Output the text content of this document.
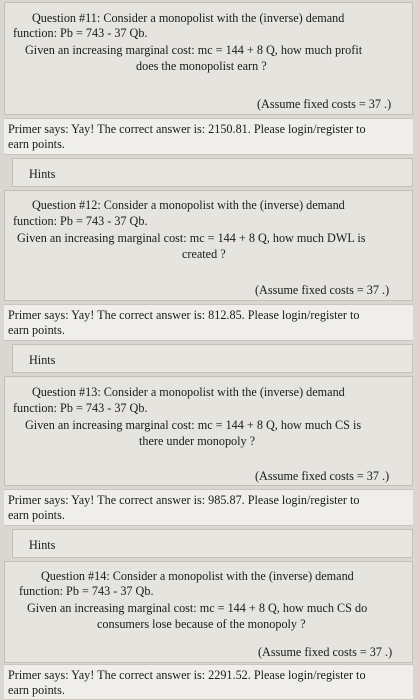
Question #11: Consider a monopolist with the (inverse) demand
function: Pb = 743 - 37 Qb.
Given an increasing marginal cost: mc = 144 + 8 Q, how much profit
does the monopolist earn ?
(Assume fixed costs = 37 .)
Primer says: Yay! The correct answer is: 2150.81. Please login/register to
earn points.
Hints
Question #12: Consider a monopolist with the (inverse) demand
function: Pb = 743 - 37 Qb.
Given an increasing marginal cost: mc = 144 + 8 Q, how much DWL is
created ?
(Assume fixed costs = 37 .)
Primer says: Yay! The correct answer is: 812.85. Please login/register to
earn points.
Hints
Question #13: Consider a monopolist with the (inverse) demand
function: Pb = 743 - 37 Qb.
Given an increasing marginal cost: mc = 144 + 8 Q, how much CS is
there under monopoly ?
(Assume fixed costs = 37 .)
Primer says: Yay! The correct answer is: 985.87. Please login/register to
earn points.
Hints
Question #14: Consider a monopolist with the (inverse) demand
function: Pb = 743 - 37 Qb.
Given an increasing marginal cost: mc = 144 + 8 Q, how much CS do
consumers lose because of the monopoly ?
(Assume fixed costs = 37 .)
Primer says: Yay! The correct answer is: 2291.52. Please login/register to
earn points.
